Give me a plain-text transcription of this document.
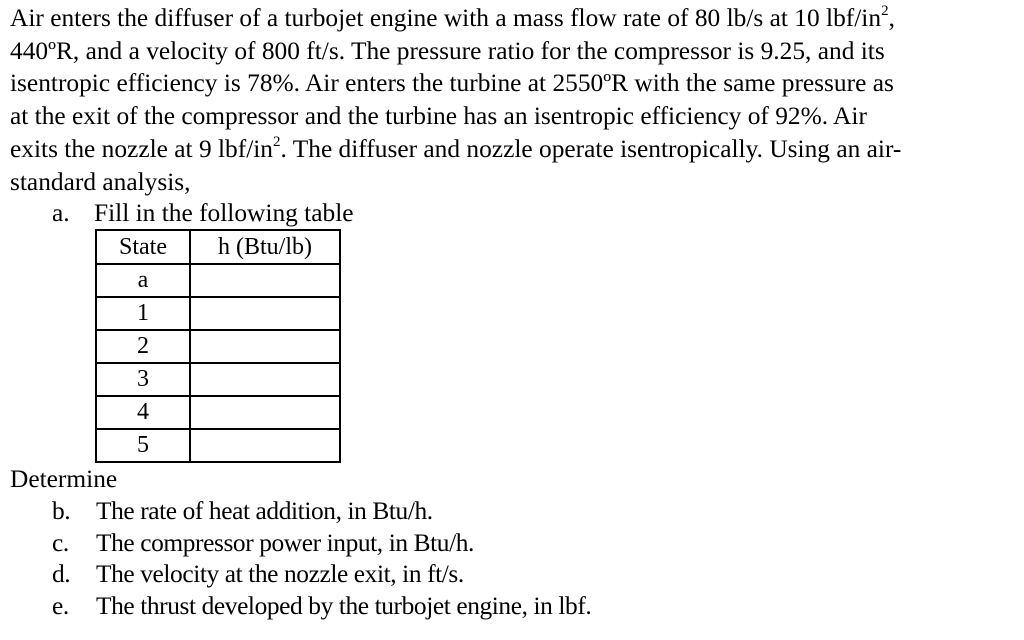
Air enters the diffuser of a turbojet engine with a mass flow rate of 80 lb/s at 10 lbf/$in^2$,
440ºR, and a velocity of 800 ft/s. The pressure ratio for the compressor is 9.25, and its
isentropic efficiency is 78%. Air enters the turbine at 2550ºR with the same pressure as
at the exit of the compressor and the turbine has an isentropic efficiency of 92%. Air
exits the nozzle at 9 lbf/$in^2$. The diffuser and nozzle operate isentropically. Using an air-
standard analysis,
a. Fill in the following table
State	h (Btu/lb)
a	
1	
2	
3	
4	
5	
Determine
b. The rate of heat addition, in Btu/h.
c. The compressor power input, in Btu/h.
d. The velocity at the nozzle exit, in ft/s.
e. The thrust developed by the turbojet engine, in lbf.
